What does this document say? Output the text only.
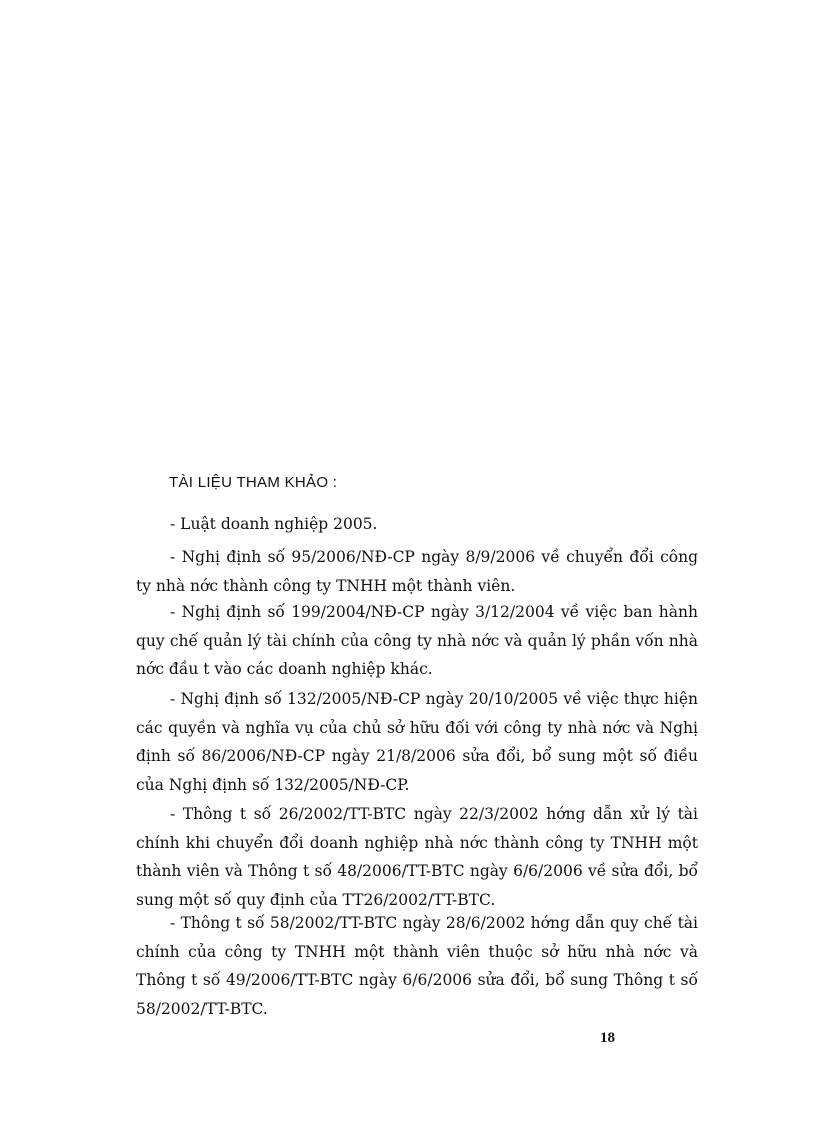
TÀI LIỆU THAM KHẢO :
- Luật doanh nghiệp 2005.
- Nghị định số 95/2006/NĐ-CP ngày 8/9/2006 về chuyển đổi công ty nhà nớc thành công ty TNHH một thành viên.
- Nghị định số 199/2004/NĐ-CP ngày 3/12/2004 về việc ban hành quy chế quản lý tài chính của công ty nhà nớc và quản lý phần vốn nhà nớc đầu t vào các doanh nghiệp khác.
- Nghị định số 132/2005/NĐ-CP ngày 20/10/2005 về việc thực hiện các quyền và nghĩa vụ của chủ sở hữu đối với công ty nhà nớc và Nghị định số 86/2006/NĐ-CP ngày 21/8/2006 sửa đổi, bổ sung một số điều của Nghị định số 132/2005/NĐ-CP.
- Thông t số 26/2002/TT-BTC ngày 22/3/2002 hớng dẫn xử lý tài chính khi chuyển đổi doanh nghiệp nhà nớc thành công ty TNHH một thành viên và Thông t số 48/2006/TT-BTC ngày 6/6/2006 về sửa đổi, bổ sung một số quy định của TT26/2002/TT-BTC.
- Thông t số 58/2002/TT-BTC ngày 28/6/2002 hớng dẫn quy chế tài chính của công ty TNHH một thành viên thuộc sở hữu nhà nớc và Thông t số 49/2006/TT-BTC ngày 6/6/2006 sửa đổi, bổ sung Thông t số 58/2002/TT-BTC.
18
